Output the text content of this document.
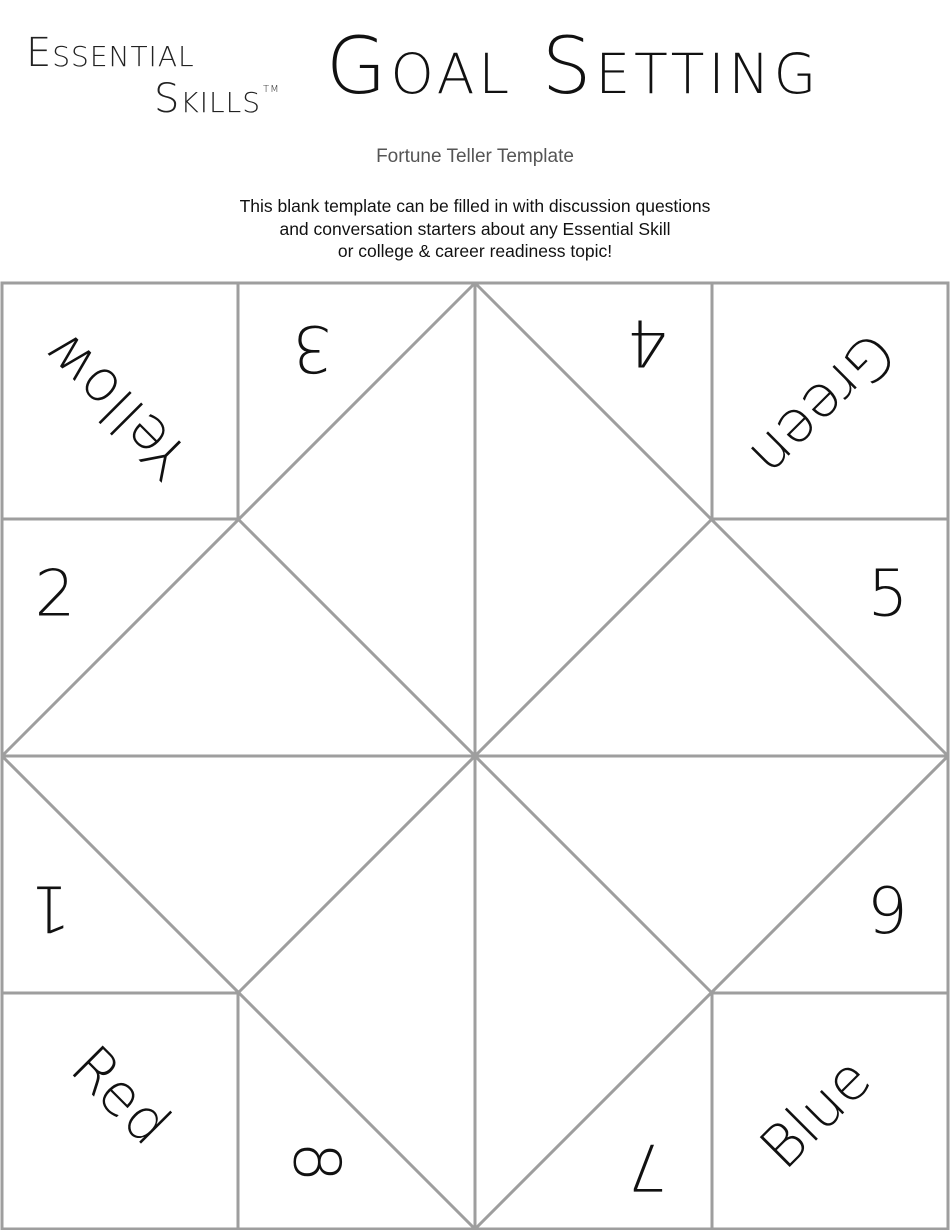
Essential
Skills ™ Goal Setting
Fortune Teller Template
This blank template can be filled in with discussion questions
and conversation starters about any Essential Skill
or college & career readiness topic!
Yellow	Green
Red	Blue
2	5
3	4
1	6
7
8
